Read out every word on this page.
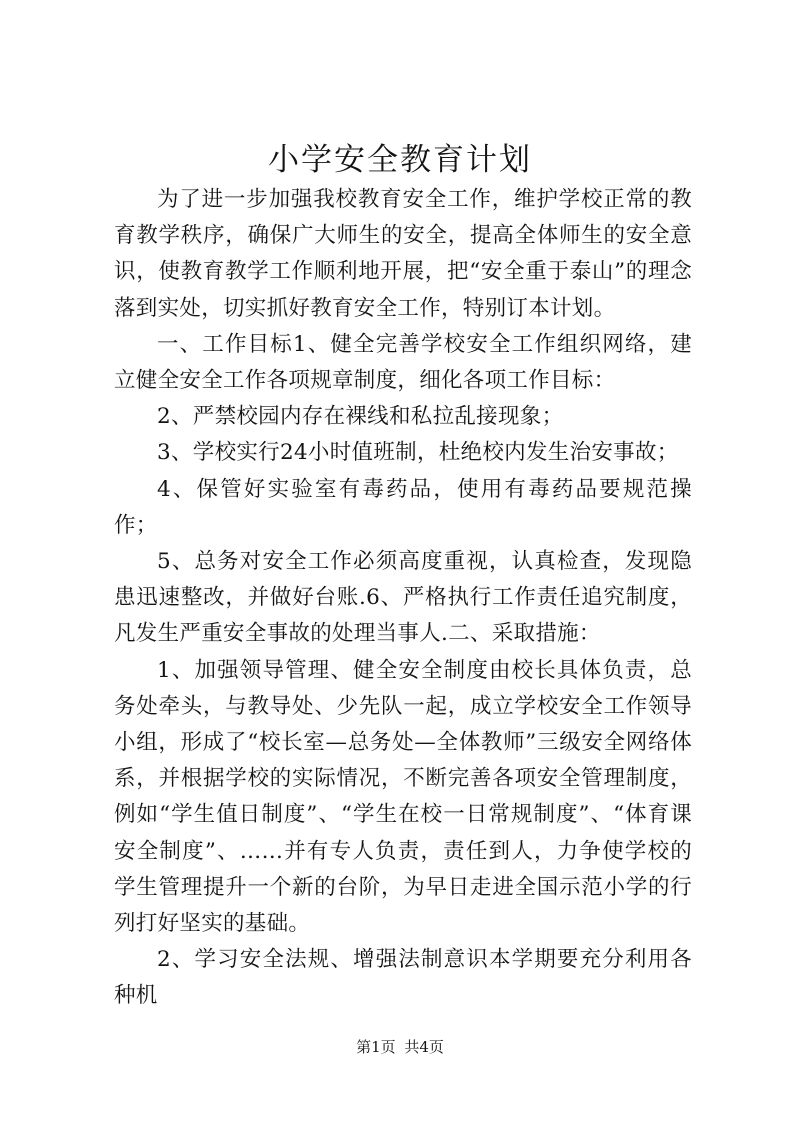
小学安全教育计划

为了进一步加强我校教育安全工作，维护学校正常的教育教学秩序，确保广大师生的安全，提高全体师生的安全意识，使教育教学工作顺利地开展，把“安全重于泰山”的理念落到实处，切实抓好教育安全工作，特别订本计划。

一、工作目标1、健全完善学校安全工作组织网络，建立健全安全工作各项规章制度，细化各项工作目标：

2、严禁校园内存在裸线和私拉乱接现象；

3、学校实行24小时值班制，杜绝校内发生治安事故；

4、保管好实验室有毒药品，使用有毒药品要规范操作；

5、总务对安全工作必须高度重视，认真检查，发现隐患迅速整改，并做好台账.6、严格执行工作责任追究制度，凡发生严重安全事故的处理当事人.二、采取措施：

1、加强领导管理、健全安全制度由校长具体负责，总务处牵头，与教导处、少先队一起，成立学校安全工作领导小组，形成了“校长室—总务处—全体教师”三级安全网络体系，并根据学校的实际情况，不断完善各项安全管理制度，例如“学生值日制度”、“学生在校一日常规制度”、“体育课安全制度”、……并有专人负责，责任到人，力争使学校的学生管理提升一个新的台阶，为早日走进全国示范小学的行列打好坚实的基础。

2、学习安全法规、增强法制意识本学期要充分利用各种机

第1页 共4页
